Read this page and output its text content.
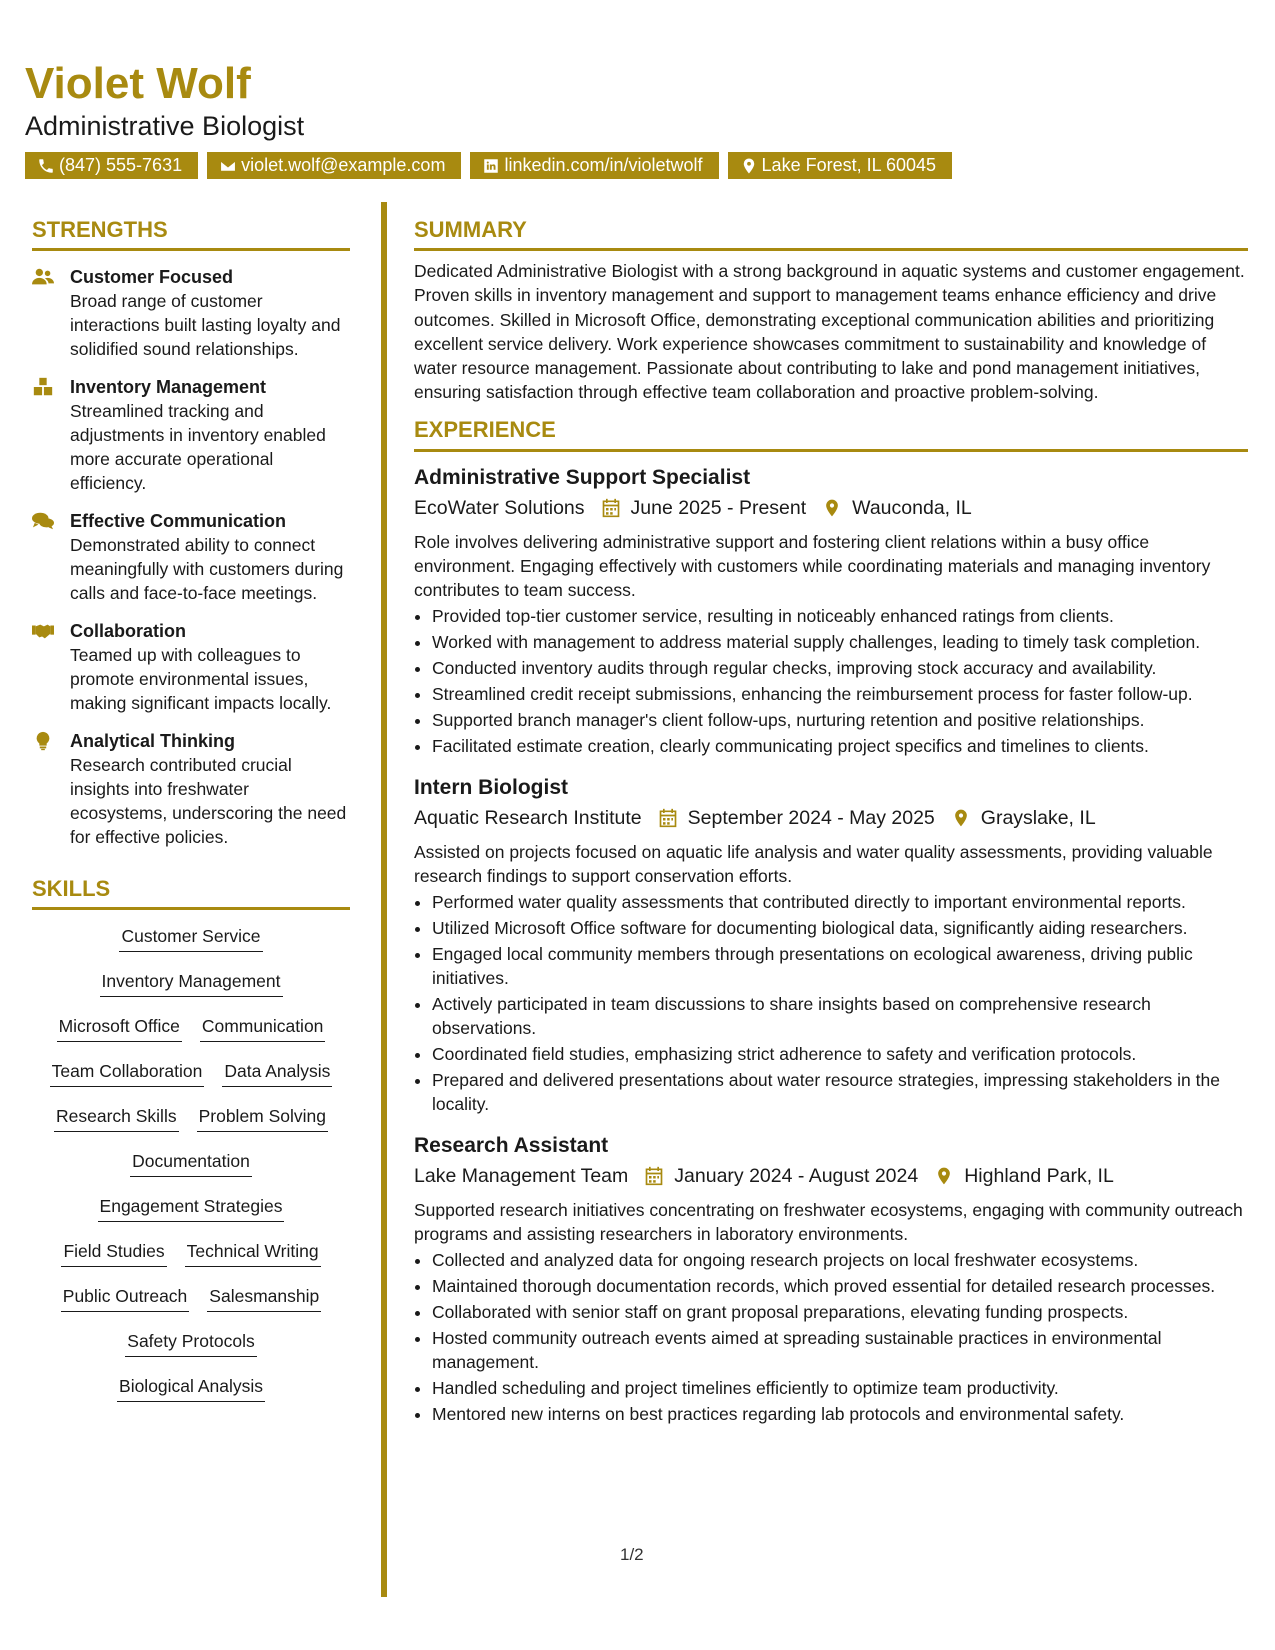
Violet Wolf
Administrative Biologist
(847) 555-7631	violet.wolf@example.com	linkedin.com/in/violetwolf	Lake Forest, IL 60045
STRENGTHS
Customer Focused
Broad range of customer interactions built lasting loyalty and solidified sound relationships.
Inventory Management
Streamlined tracking and adjustments in inventory enabled more accurate operational efficiency.
Effective Communication
Demonstrated ability to connect meaningfully with customers during calls and face-to-face meetings.
Collaboration
Teamed up with colleagues to promote environmental issues, making significant impacts locally.
Analytical Thinking
Research contributed crucial insights into freshwater ecosystems, underscoring the need for effective policies.
SKILLS
Customer Service
Inventory Management
Microsoft Office Communication
Team Collaboration Data Analysis
Research Skills Problem Solving
Documentation
Engagement Strategies
Field Studies Technical Writing
Public Outreach Salesmanship
Safety Protocols
Biological Analysis
SUMMARY
Dedicated Administrative Biologist with a strong background in aquatic systems and customer engagement. Proven skills in inventory management and support to management teams enhance efficiency and drive outcomes. Skilled in Microsoft Office, demonstrating exceptional communication abilities and prioritizing excellent service delivery. Work experience showcases commitment to sustainability and knowledge of water resource management. Passionate about contributing to lake and pond management initiatives, ensuring satisfaction through effective team collaboration and proactive problem-solving.
EXPERIENCE
Administrative Support Specialist
EcoWater Solutions June 2025 - Present Wauconda, IL
Role involves delivering administrative support and fostering client relations within a busy office environment. Engaging effectively with customers while coordinating materials and managing inventory contributes to team success.
• Provided top-tier customer service, resulting in noticeably enhanced ratings from clients.
• Worked with management to address material supply challenges, leading to timely task completion.
• Conducted inventory audits through regular checks, improving stock accuracy and availability.
• Streamlined credit receipt submissions, enhancing the reimbursement process for faster follow-up.
• Supported branch manager's client follow-ups, nurturing retention and positive relationships.
• Facilitated estimate creation, clearly communicating project specifics and timelines to clients.
Intern Biologist
Aquatic Research Institute September 2024 - May 2025 Grayslake, IL
Assisted on projects focused on aquatic life analysis and water quality assessments, providing valuable research findings to support conservation efforts.
• Performed water quality assessments that contributed directly to important environmental reports.
• Utilized Microsoft Office software for documenting biological data, significantly aiding researchers.
• Engaged local community members through presentations on ecological awareness, driving public initiatives.
• Actively participated in team discussions to share insights based on comprehensive research observations.
• Coordinated field studies, emphasizing strict adherence to safety and verification protocols.
• Prepared and delivered presentations about water resource strategies, impressing stakeholders in the locality.
Research Assistant
Lake Management Team January 2024 - August 2024 Highland Park, IL
Supported research initiatives concentrating on freshwater ecosystems, engaging with community outreach programs and assisting researchers in laboratory environments.
• Collected and analyzed data for ongoing research projects on local freshwater ecosystems.
• Maintained thorough documentation records, which proved essential for detailed research processes.
• Collaborated with senior staff on grant proposal preparations, elevating funding prospects.
• Hosted community outreach events aimed at spreading sustainable practices in environmental management.
• Handled scheduling and project timelines efficiently to optimize team productivity.
• Mentored new interns on best practices regarding lab protocols and environmental safety.
1/2
